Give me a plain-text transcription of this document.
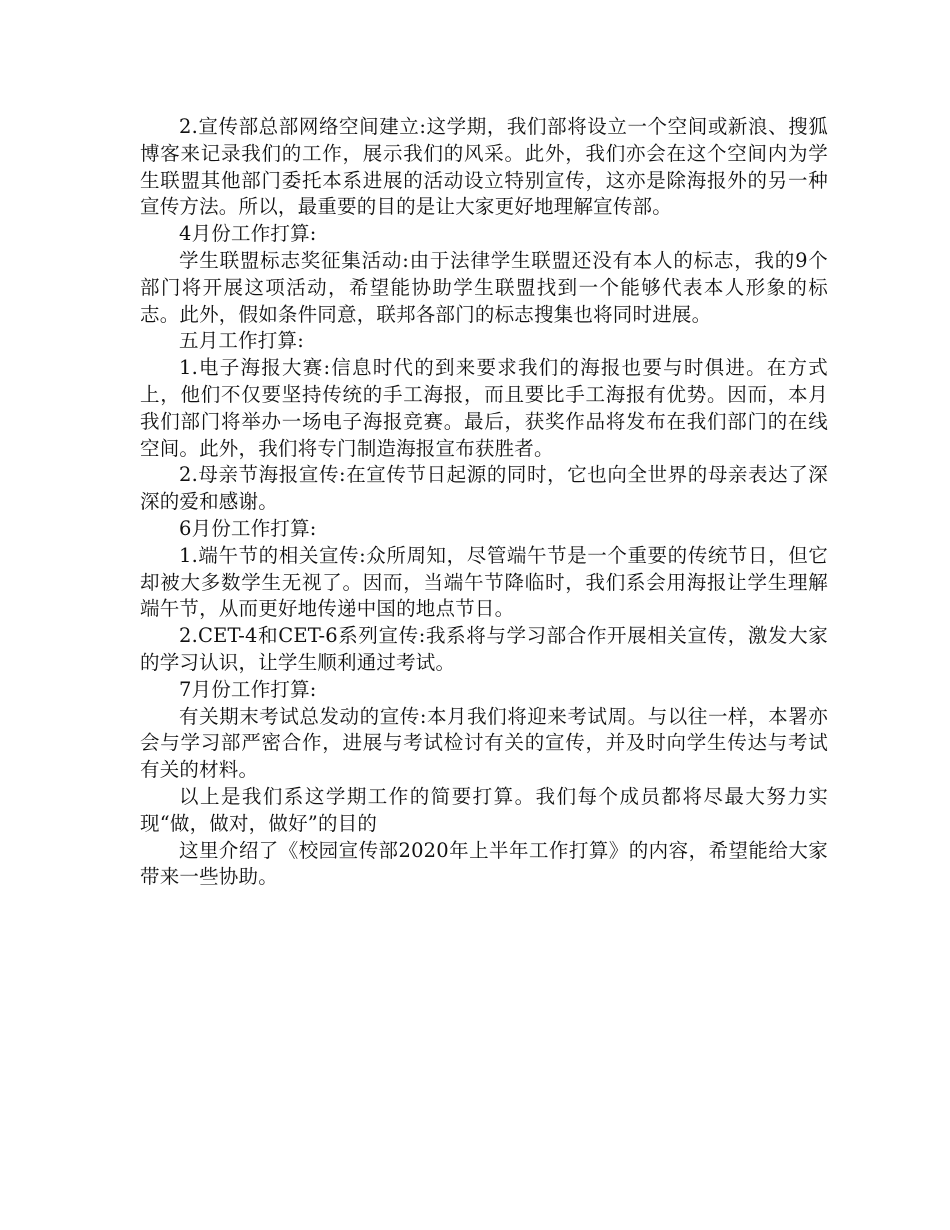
2.宣传部总部网络空间建立:这学期，我们部将设立一个空间或新浪、搜狐博客来记录我们的工作，展示我们的风采。此外，我们亦会在这个空间内为学生联盟其他部门委托本系进展的活动设立特别宣传，这亦是除海报外的另一种宣传方法。所以，最重要的目的是让大家更好地理解宣传部。

4月份工作打算:

学生联盟标志奖征集活动:由于法律学生联盟还没有本人的标志，我的9个部门将开展这项活动，希望能协助学生联盟找到一个能够代表本人形象的标志。此外，假如条件同意，联邦各部门的标志搜集也将同时进展。

五月工作打算:

1.电子海报大赛:信息时代的到来要求我们的海报也要与时俱进。在方式上，他们不仅要坚持传统的手工海报，而且要比手工海报有优势。因而，本月我们部门将举办一场电子海报竞赛。最后，获奖作品将发布在我们部门的在线空间。此外，我们将专门制造海报宣布获胜者。

2.母亲节海报宣传:在宣传节日起源的同时，它也向全世界的母亲表达了深深的爱和感谢。

6月份工作打算:

1.端午节的相关宣传:众所周知，尽管端午节是一个重要的传统节日，但它却被大多数学生无视了。因而，当端午节降临时，我们系会用海报让学生理解端午节，从而更好地传递中国的地点节日。

2.CET-4和CET-6系列宣传:我系将与学习部合作开展相关宣传，激发大家的学习认识，让学生顺利通过考试。

7月份工作打算:

有关期末考试总发动的宣传:本月我们将迎来考试周。与以往一样，本署亦会与学习部严密合作，进展与考试检讨有关的宣传，并及时向学生传达与考试有关的材料。

以上是我们系这学期工作的简要打算。我们每个成员都将尽最大努力实现“做，做对，做好”的目的

这里介绍了《校园宣传部2020年上半年工作打算》的内容，希望能给大家带来一些协助。
